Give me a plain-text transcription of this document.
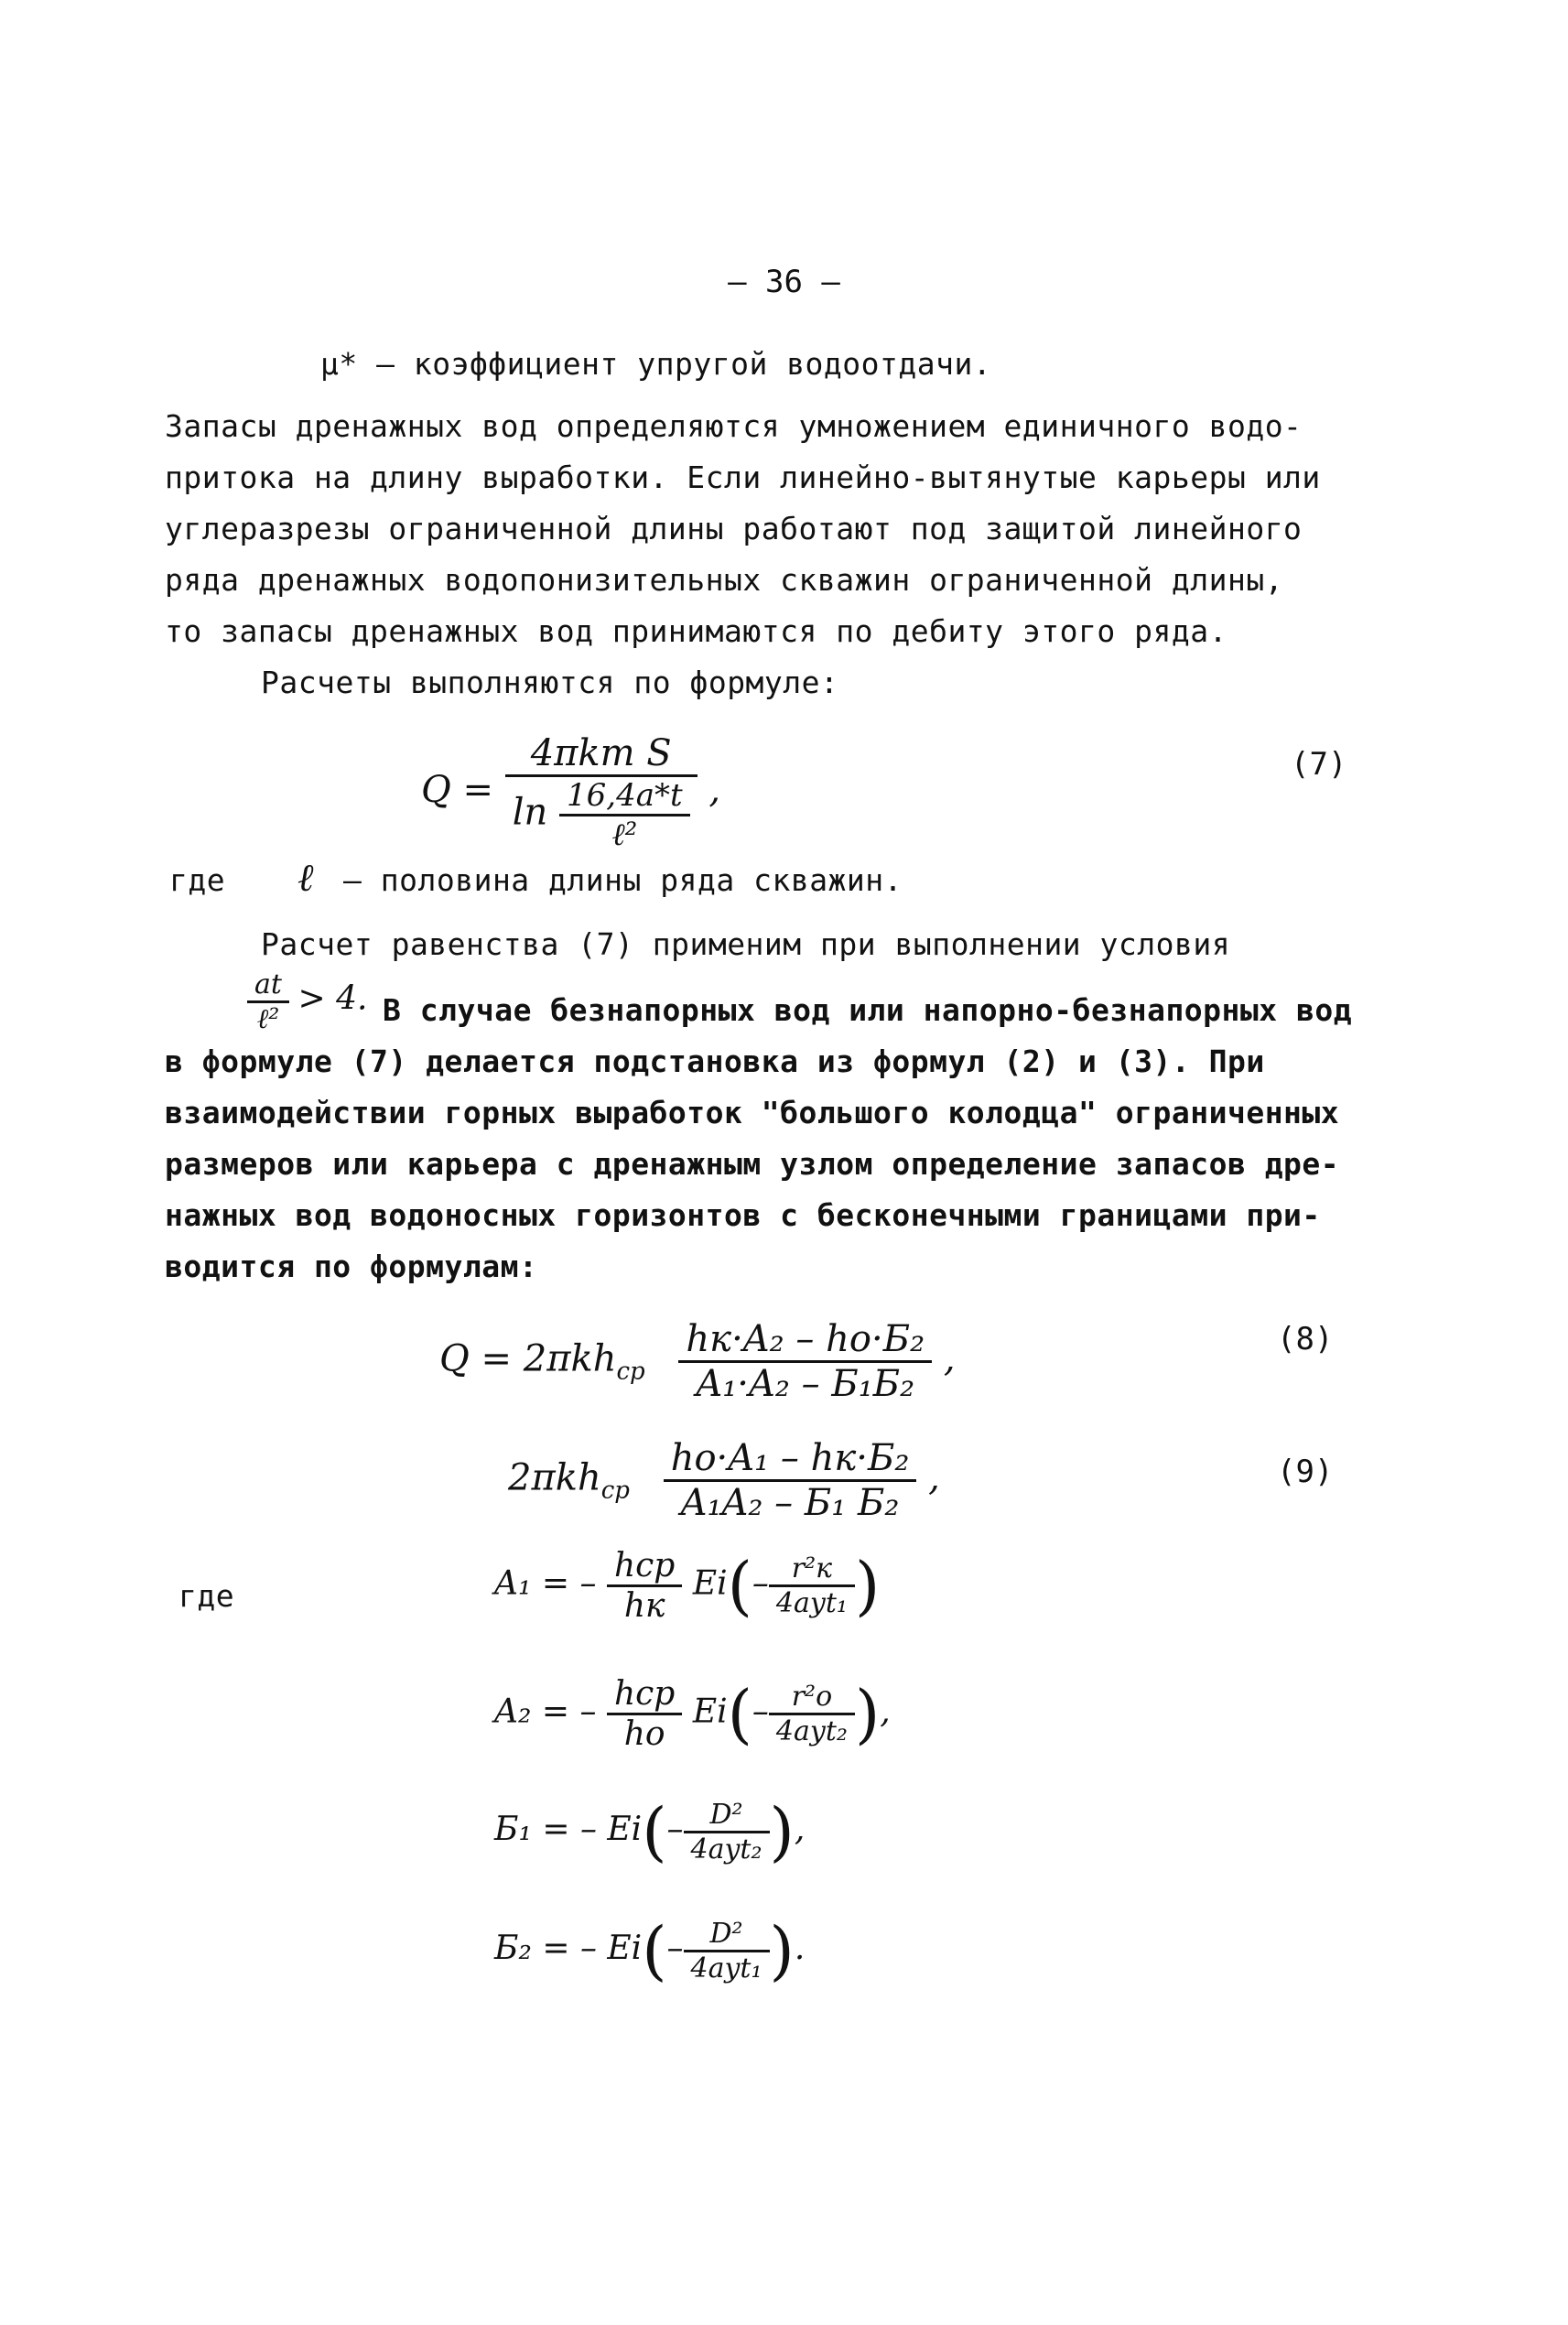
– 36 –
μ* – коэффициент упругой водоотдачи.
Запасы дренажных вод определяются умножением единичного водо-
притока на длину выработки. Если линейно-вытянутые карьеры или
углеразрезы ограниченной длины работают под защитой линейного
ряда дренажных водопонизительных скважин ограниченной длины,
то запасы дренажных вод принимаются по дебиту этого ряда.
Расчеты выполняются по формуле:
$Q = \frac{\text{4πkm S}}{\ln \frac{16,4a*t}{\text{ℓ²}}}$ ,
(7)
где ℓ – половина длины ряда скважин.
Расчет равенства (7) применим при выполнении условия
$\frac{at}{\text{ℓ²}} > 4$. В случае безнапорных вод или напорно-безнапорных вод
в формуле (7) делается подстановка из формул (2) и (3). При
взаимодействии горных выработок "большого колодца" ограниченных
размеров или карьера с дренажным узлом определение запасов дре-
нажных вод водоносных горизонтов с бесконечными границами при-
водится по формулам:
$Q = 2\pi kh_{cp} \frac{\text{hк·A₂ – hо·Б₂}}{\text{A₁·A₂ – Б₁Б₂}}$ ,	(8)
$2\pi kh_{cp} \frac{\text{hо·A₁ – hк·Б₂}}{\text{A₁A₂ – Б₁ Б₂}}$ ,	(9)
где	A₁ = – $\frac{\text{hcp}}{hк} Ei(- \frac{\text{r²к}}{\text{4ayt₁}}$ )
A₂ = – $\frac{\text{hcp}}{hо} Ei(- \frac{\text{r²о}}{\text{4ayt₂}}$ ),
Б₁ = – $Ei(- \frac{\text{D²}}{\text{4ayt₂}}$ ),
Б₂ = – $Ei(- \frac{\text{D²}}{\text{4ayt₁}}$ ).
